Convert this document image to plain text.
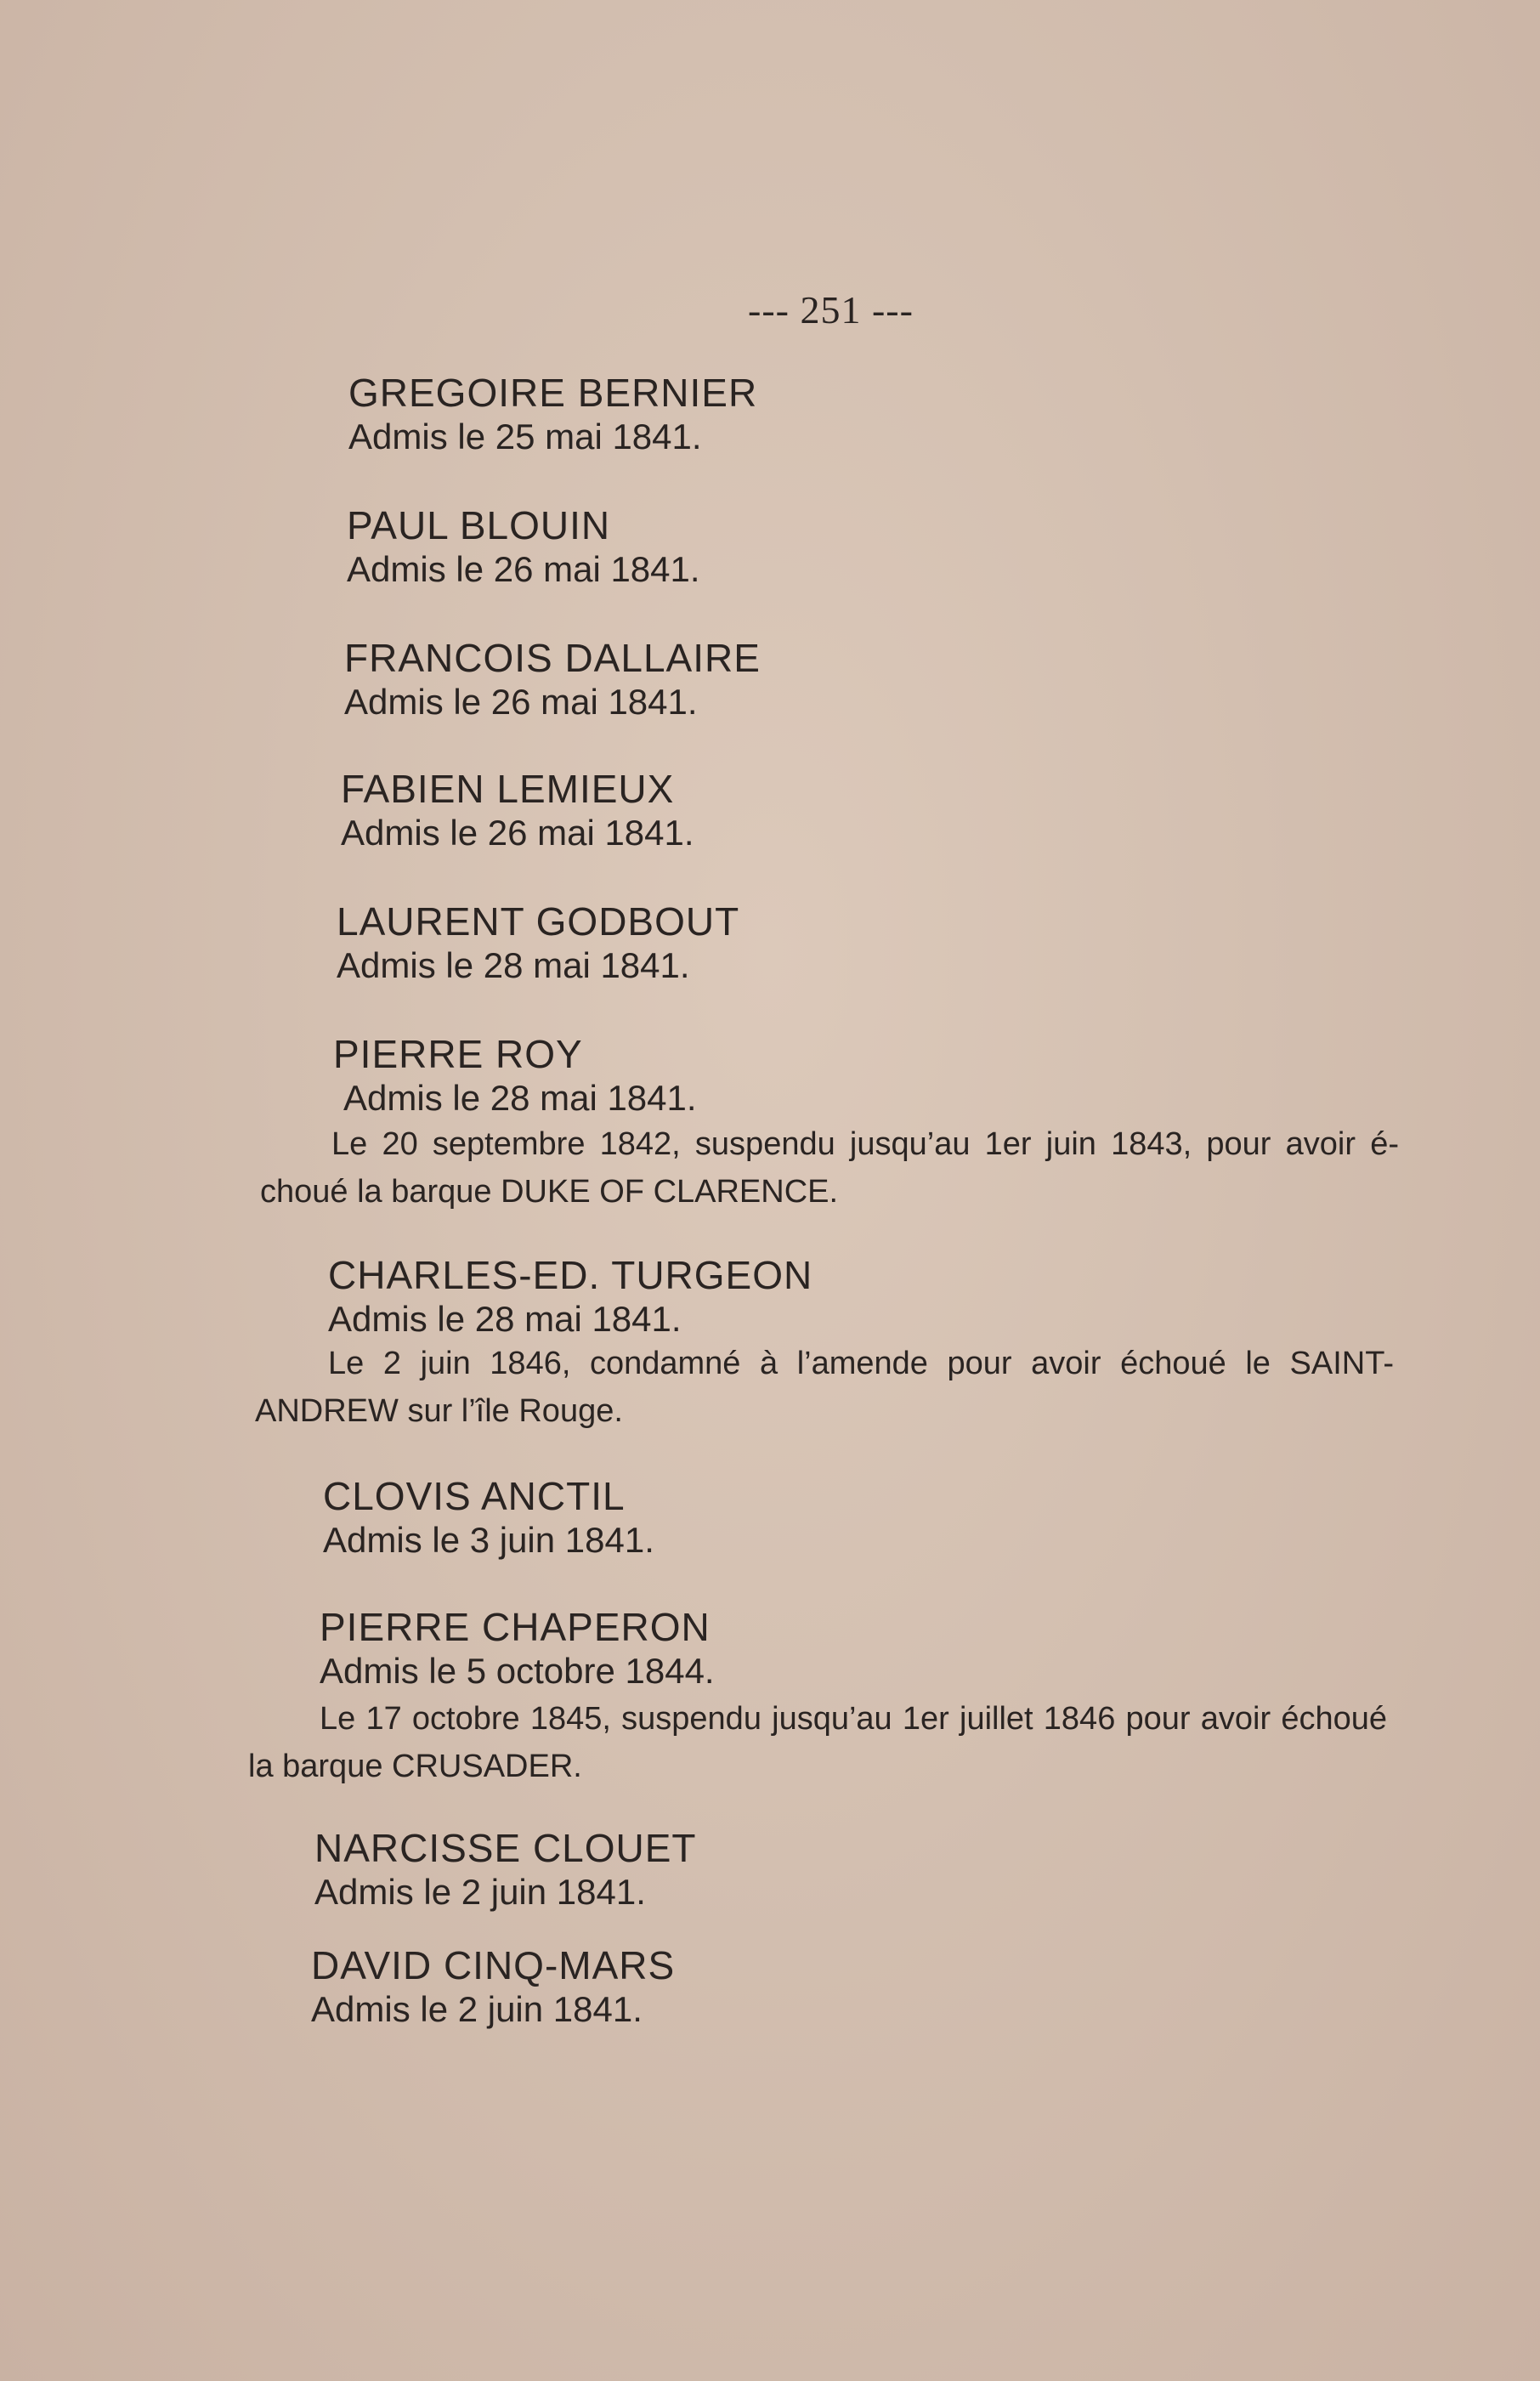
--- 251 ---
GREGOIRE BERNIER
Admis le 25 mai 1841.
PAUL BLOUIN
Admis le 26 mai 1841.
FRANCOIS DALLAIRE
Admis le 26 mai 1841.
FABIEN LEMIEUX
Admis le 26 mai 1841.
LAURENT GODBOUT
Admis le 28 mai 1841.
PIERRE ROY
Admis le 28 mai 1841.
Le 20 septembre 1842, suspendu jusqu’au 1er juin 1843, pour avoir é-
choué la barque DUKE OF CLARENCE.
CHARLES-ED. TURGEON
Admis le 28 mai 1841.
Le 2 juin 1846, condamné à l’amende pour avoir échoué le SAINT-
ANDREW sur l’île Rouge.
CLOVIS ANCTIL
Admis le 3 juin 1841.
PIERRE CHAPERON
Admis le 5 octobre 1844.
Le 17 octobre 1845, suspendu jusqu’au 1er juillet 1846 pour avoir échoué
la barque CRUSADER.
NARCISSE CLOUET
Admis le 2 juin 1841.
DAVID CINQ-MARS
Admis le 2 juin 1841.
